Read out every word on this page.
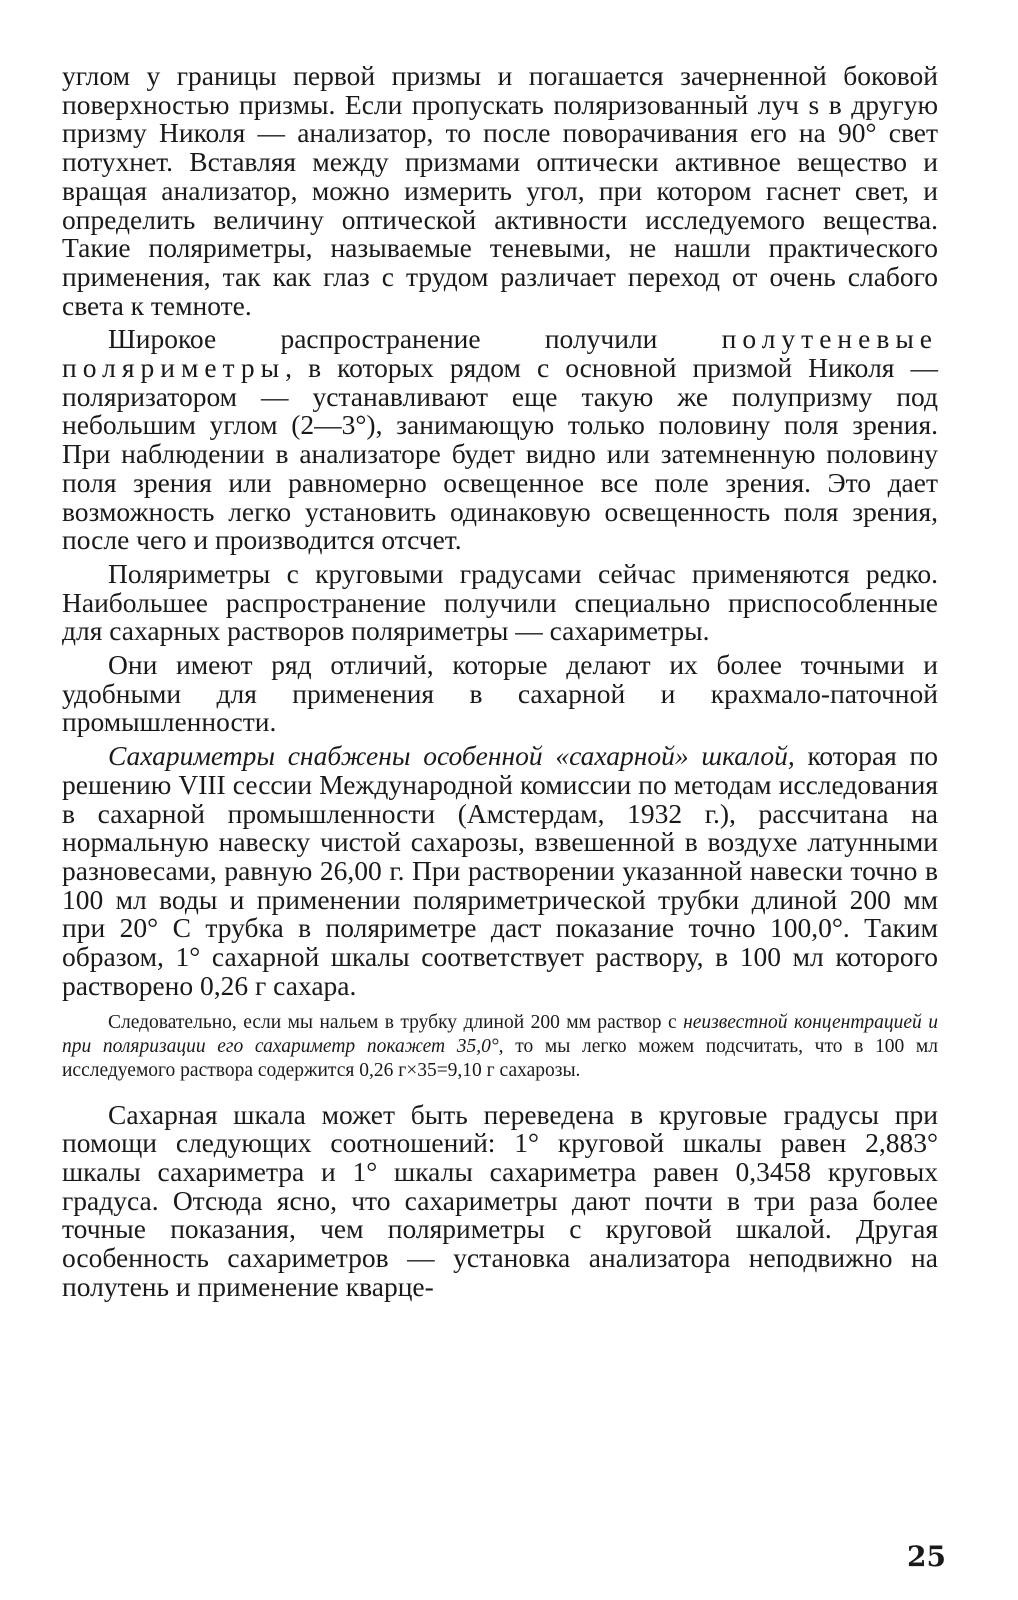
углом у границы первой призмы и погашается зачерненной боковой поверхностью призмы. Если пропускать поляризованный луч s в другую призму Николя — анализатор, то после поворачивания его на 90° свет потухнет. Вставляя между призмами оптически активное вещество и вращая анализатор, можно измерить угол, при котором гаснет свет, и определить величину оптической активности исследуемого вещества. Такие поляриметры, называемые теневыми, не нашли практического применения, так как глаз с трудом различает переход от очень слабого света к темноте.

Широкое распространение получили полутеневые поляриметры, в которых рядом с основной призмой Николя — поляризатором — устанавливают еще такую же полупризму под небольшим углом (2—3°), занимающую только половину поля зрения. При наблюдении в анализаторе будет видно или затемненную половину поля зрения или равномерно освещенное все поле зрения. Это дает возможность легко установить одинаковую освещенность поля зрения, после чего и производится отсчет.

Поляриметры с круговыми градусами сейчас применяются редко. Наибольшее распространение получили специально приспособленные для сахарных растворов поляриметры — сахариметры.

Они имеют ряд отличий, которые делают их более точными и удобными для применения в сахарной и крахмало-паточной промышленности.

Сахариметры снабжены особенной «сахарной» шкалой, которая по решению VIII сессии Международной комиссии по методам исследования в сахарной промышленности (Амстердам, 1932 г.), рассчитана на нормальную навеску чистой сахарозы, взвешенной в воздухе латунными разновесами, равную 26,00 г. При растворении указанной навески точно в 100 мл воды и применении поляриметрической трубки длиной 200 мм при 20° С трубка в поляриметре даст показание точно 100,0°. Таким образом, 1° сахарной шкалы соответствует раствору, в 100 мл которого растворено 0,26 г сахара.

Следовательно, если мы нальем в трубку длиной 200 мм раствор с неизвестной концентрацией и при поляризации его сахариметр покажет 35,0°, то мы легко можем подсчитать, что в 100 мл исследуемого раствора содержится 0,26 г×35=9,10 г сахарозы.

Сахарная шкала может быть переведена в круговые градусы при помощи следующих соотношений: 1° круговой шкалы равен 2,883° шкалы сахариметра и 1° шкалы сахариметра равен 0,3458 круговых градуса. Отсюда ясно, что сахариметры дают почти в три раза более точные показания, чем поляриметры с круговой шкалой. Другая особенность сахариметров — установка анализатора неподвижно на полутень и применение кварце-

25
